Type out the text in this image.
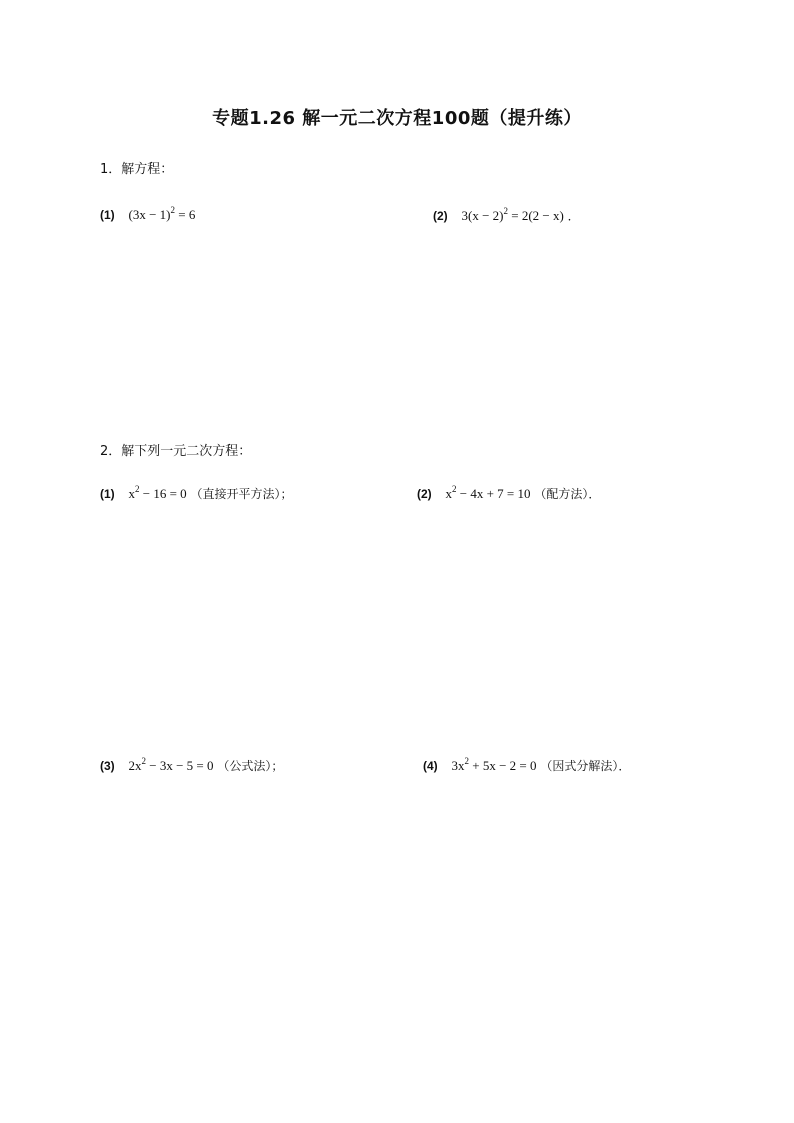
专题1.26 解一元二次方程100题（提升练）
1．解方程：
(1) $(3x - 1)^2 = 6$	(2) $3(x - 2)^2 = 2(2 - x)$ ．
2．解下列一元二次方程：
(1) $x^2 - 16 = 0$ （直接开平方法）；	(2) $x^2 - 4x + 7 = 10$ （配方法）．
(3) $2x^2 - 3x - 5 = 0$ （公式法）；	(4) $3x^2 + 5x - 2 = 0$ （因式分解法）．
